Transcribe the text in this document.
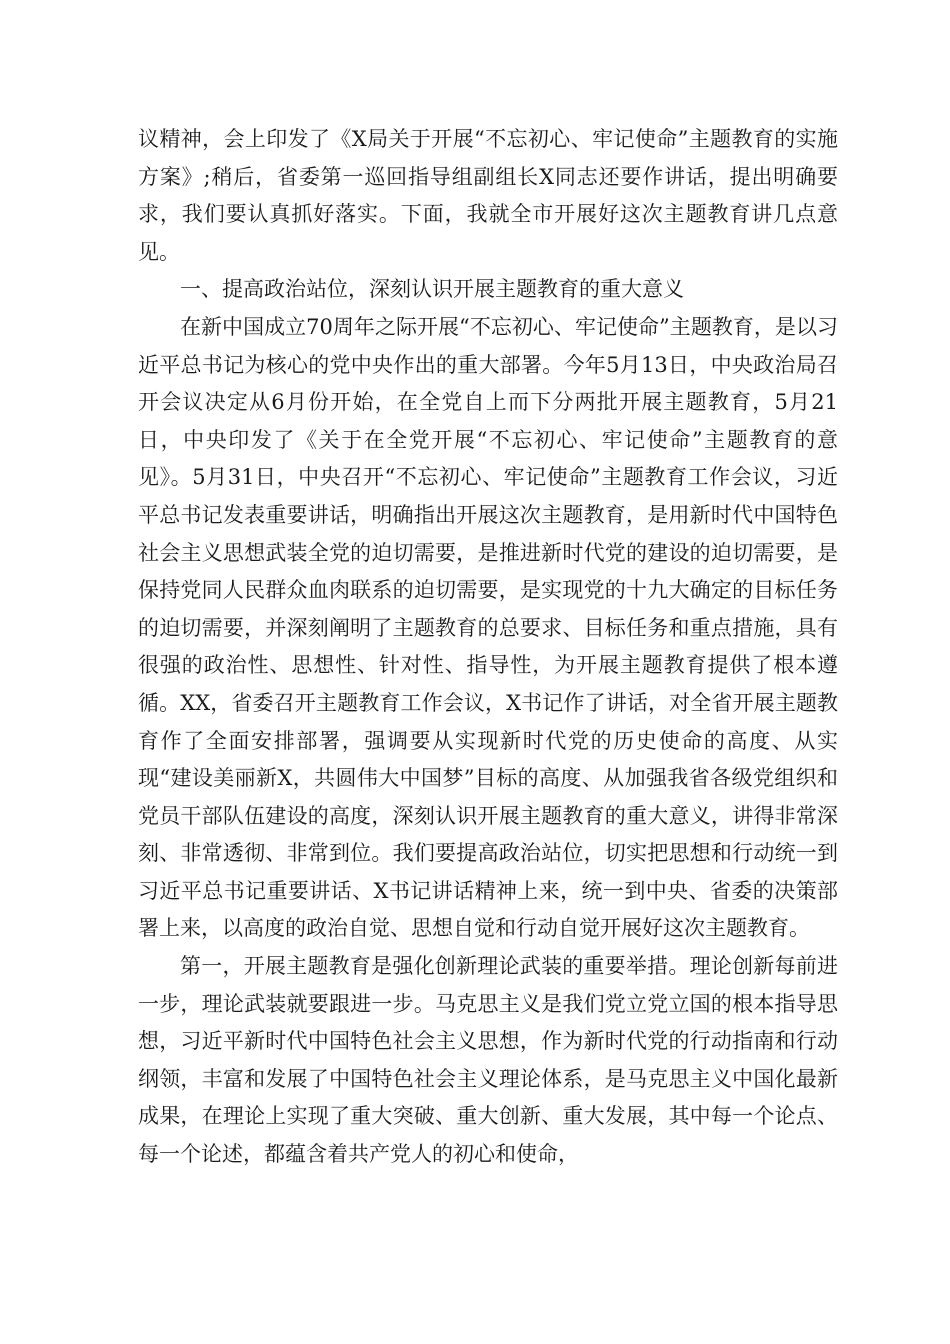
议精神，会上印发了《X局关于开展“不忘初心、牢记使命”主题教育的实施方案》;稍后，省委第一巡回指导组副组长X同志还要作讲话，提出明确要求，我们要认真抓好落实。下面，我就全市开展好这次主题教育讲几点意见。

一、提高政治站位，深刻认识开展主题教育的重大意义

在新中国成立70周年之际开展“不忘初心、牢记使命”主题教育，是以习近平总书记为核心的党中央作出的重大部署。今年5月13日，中央政治局召开会议决定从6月份开始，在全党自上而下分两批开展主题教育，5月21日，中央印发了《关于在全党开展“不忘初心、牢记使命”主题教育的意见》。5月31日，中央召开“不忘初心、牢记使命”主题教育工作会议，习近平总书记发表重要讲话，明确指出开展这次主题教育，是用新时代中国特色社会主义思想武装全党的迫切需要，是推进新时代党的建设的迫切需要，是保持党同人民群众血肉联系的迫切需要，是实现党的十九大确定的目标任务的迫切需要，并深刻阐明了主题教育的总要求、目标任务和重点措施，具有很强的政治性、思想性、针对性、指导性，为开展主题教育提供了根本遵循。XX，省委召开主题教育工作会议，X书记作了讲话，对全省开展主题教育作了全面安排部署，强调要从实现新时代党的历史使命的高度、从实现“建设美丽新X，共圆伟大中国梦”目标的高度、从加强我省各级党组织和党员干部队伍建设的高度，深刻认识开展主题教育的重大意义，讲得非常深刻、非常透彻、非常到位。我们要提高政治站位，切实把思想和行动统一到习近平总书记重要讲话、X书记讲话精神上来，统一到中央、省委的决策部署上来，以高度的政治自觉、思想自觉和行动自觉开展好这次主题教育。

第一，开展主题教育是强化创新理论武装的重要举措。理论创新每前进一步，理论武装就要跟进一步。马克思主义是我们党立党立国的根本指导思想，习近平新时代中国特色社会主义思想，作为新时代党的行动指南和行动纲领，丰富和发展了中国特色社会主义理论体系，是马克思主义中国化最新成果，在理论上实现了重大突破、重大创新、重大发展，其中每一个论点、每一个论述，都蕴含着共产党人的初心和使命，
